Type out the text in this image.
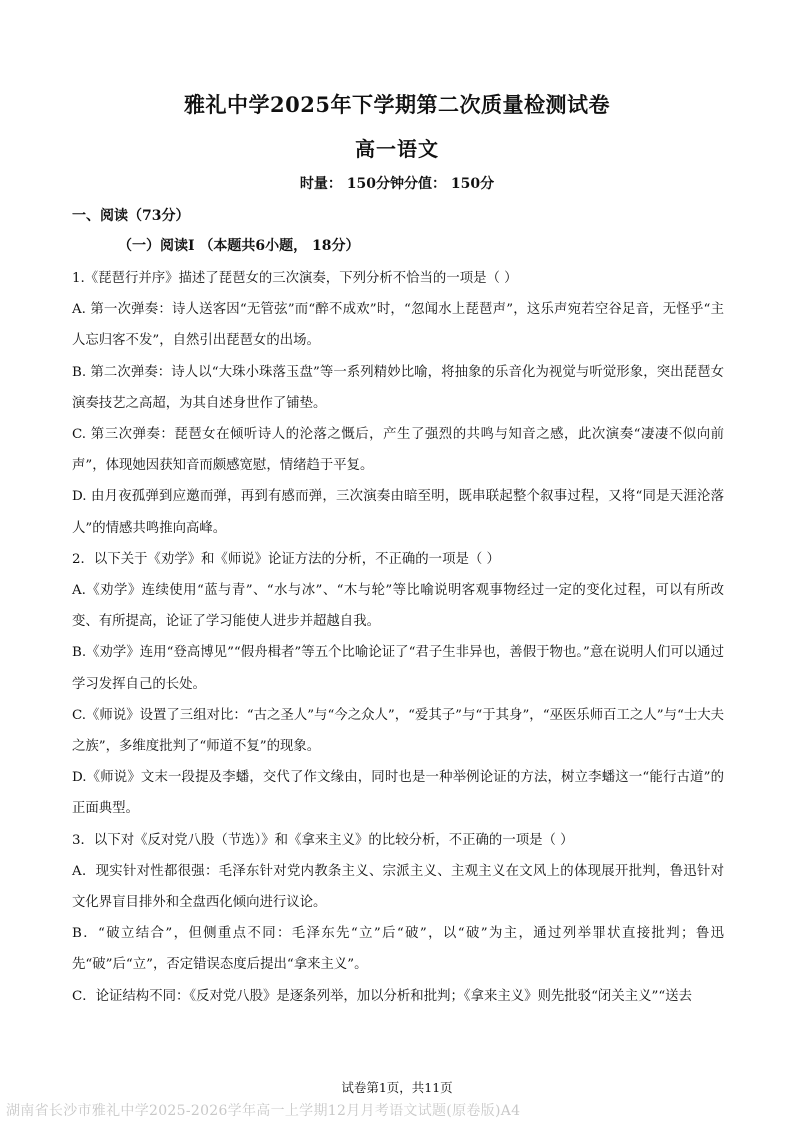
雅礼中学2025年下学期第二次质量检测试卷
高一语文
时量： 150分钟分值： 150分
一、阅读（73分）
（一）阅读I （本题共6小题， 18分）

1.《琵琶行并序》描述了琵琶女的三次演奏，下列分析不恰当的一项是（ ）

A. 第一次弹奏：诗人送客因“无管弦”而“醉不成欢”时，“忽闻水上琵琶声”，这乐声宛若空谷足音，无怪乎“主人忘归客不发”，自然引出琵琶女的出场。

B. 第二次弹奏：诗人以“大珠小珠落玉盘”等一系列精妙比喻，将抽象的乐音化为视觉与听觉形象，突出琵琶女演奏技艺之高超，为其自述身世作了铺垫。

C. 第三次弹奏：琵琶女在倾听诗人的沦落之慨后，产生了强烈的共鸣与知音之感，此次演奏“凄凄不似向前声”，体现她因获知音而颇感宽慰，情绪趋于平复。

D. 由月夜孤弹到应邀而弹，再到有感而弹，三次演奏由暗至明，既串联起整个叙事过程，又将“同是天涯沦落人”的情感共鸣推向高峰。

2．以下关于《劝学》和《师说》论证方法的分析，不正确的一项是（ ）

A.《劝学》连续使用“蓝与青”、“水与冰”、“木与轮”等比喻说明客观事物经过一定的变化过程，可以有所改变、有所提高，论证了学习能使人进步并超越自我。

B.《劝学》连用“登高博见”“假舟楫者”等五个比喻论证了“君子生非异也，善假于物也。”意在说明人们可以通过学习发挥自己的长处。

C.《师说》设置了三组对比：“古之圣人”与“今之众人”，“爱其子”与“于其身”，“巫医乐师百工之人”与“士大夫之族”，多维度批判了“师道不复”的现象。

D.《师说》文末一段提及李蟠，交代了作文缘由，同时也是一种举例论证的方法，树立李蟠这一“能行古道”的正面典型。

3．以下对《反对党八股（节选）》和《拿来主义》的比较分析，不正确的一项是（ ）

A．现实针对性都很强：毛泽东针对党内教条主义、宗派主义、主观主义在文风上的体现展开批判，鲁迅针对文化界盲目排外和全盘西化倾向进行议论。

B．“破立结合”，但侧重点不同：毛泽东先“立”后“破”，以“破”为主，通过列举罪状直接批判；鲁迅先“破”后“立”，否定错误态度后提出“拿来主义”。

C．论证结构不同：《反对党八股》是逐条列举，加以分析和批判；《拿来主义》则先批驳“闭关主义”“送去

试卷第1页，共11页
湖南省长沙市雅礼中学2025-2026学年高一上学期12月月考语文试题(原卷版)A4
